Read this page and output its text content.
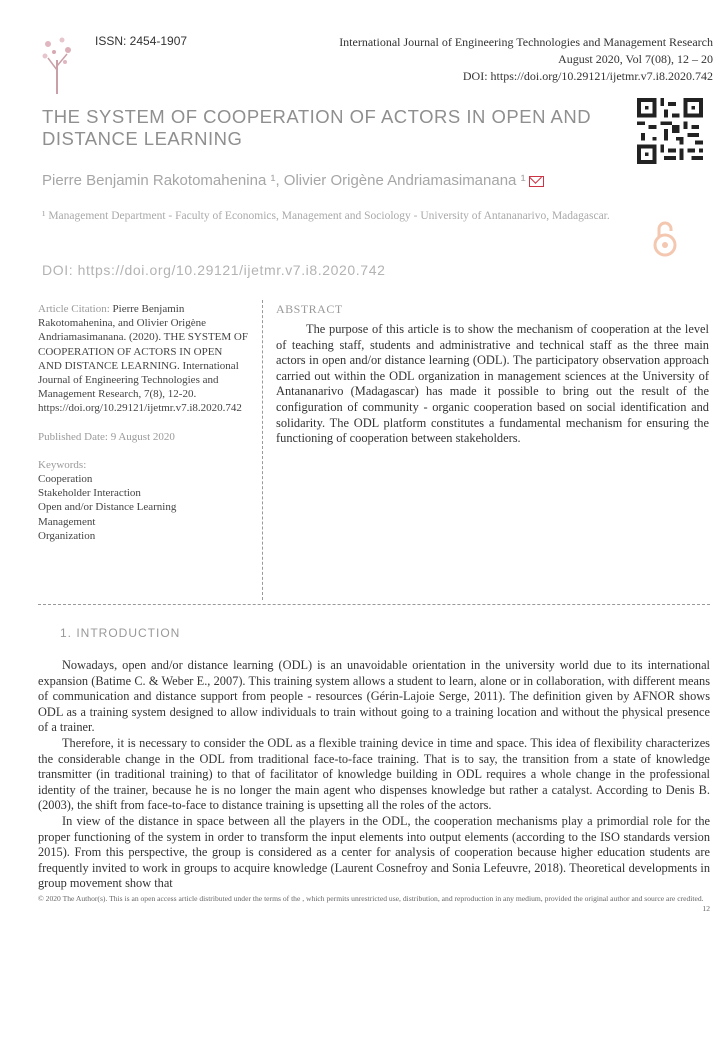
ISSN: 2454-1907	International Journal of Engineering Technologies and Management Research
August 2020, Vol 7(08), 12 – 20
DOI: https://doi.org/10.29121/ijetmr.v7.i8.2020.742
THE SYSTEM OF COOPERATION OF ACTORS IN OPEN AND DISTANCE LEARNING
Pierre Benjamin Rakotomahenina ¹, Olivier Origène Andriamasimanana ¹
¹ Management Department - Faculty of Economics, Management and Sociology - University of Antananarivo, Madagascar.
DOI: https://doi.org/10.29121/ijetmr.v7.i8.2020.742
Article Citation: Pierre Benjamin Rakotomahenina, and Olivier Origène Andriamasimanana. (2020). THE SYSTEM OF COOPERATION OF ACTORS IN OPEN AND DISTANCE LEARNING. International Journal of Engineering Technologies and Management Research, 7(8), 12-20. https://doi.org/10.29121/ijetmr.v7.i8.2020.742
Published Date: 9 August 2020
Keywords:
Cooperation
Stakeholder Interaction
Open and/or Distance Learning
Management
Organization
ABSTRACT
The purpose of this article is to show the mechanism of cooperation at the level of teaching staff, students and administrative and technical staff as the three main actors in open and/or distance learning (ODL). The participatory observation approach carried out within the ODL organization in management sciences at the University of Antananarivo (Madagascar) has made it possible to bring out the result of the configuration of community - organic cooperation based on social identification and solidarity. The ODL platform constitutes a fundamental mechanism for ensuring the functioning of cooperation between stakeholders.
1. INTRODUCTION

Nowadays, open and/or distance learning (ODL) is an unavoidable orientation in the university world due to its international expansion (Batime C. & Weber E., 2007). This training system allows a student to learn, alone or in collaboration, with different means of communication and distance support from people - resources (Gérin-Lajoie Serge, 2011). The definition given by AFNOR shows ODL as a training system designed to allow individuals to train without going to a training location and without the physical presence of a trainer.

Therefore, it is necessary to consider the ODL as a flexible training device in time and space. This idea of flexibility characterizes the considerable change in the ODL from traditional face-to-face training. That is to say, the transition from a state of knowledge transmitter (in traditional training) to that of facilitator of knowledge building in ODL requires a whole change in the professional identity of the trainer, because he is no longer the main agent who dispenses knowledge but rather a catalyst. According to Denis B. (2003), the shift from face-to-face to distance training is upsetting all the roles of the actors.

In view of the distance in space between all the players in the ODL, the cooperation mechanisms play a primordial role for the proper functioning of the system in order to transform the input elements into output elements (according to the ISO standards version 2015). From this perspective, the group is considered as a center for analysis of cooperation because higher education students are frequently invited to work in groups to acquire knowledge (Laurent Cosnefroy and Sonia Lefeuvre, 2018). Theoretical developments in group movement show that

© 2020 The Author(s). This is an open access article distributed under the terms of the , which permits unrestricted use, distribution, and reproduction in any medium, provided the original author and source are credited.
12
